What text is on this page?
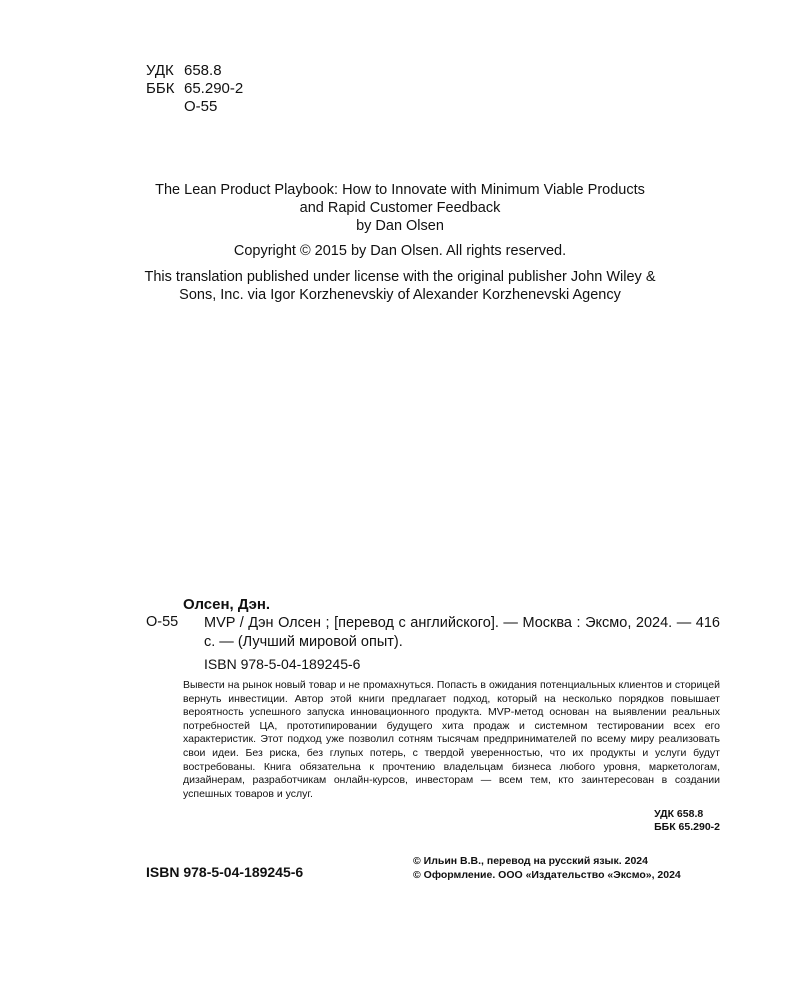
УДК 658.8
ББК 65.290-2
О-55
The Lean Product Playbook: How to Innovate with Minimum Viable Products
and Rapid Customer Feedback
by Dan Olsen
Copyright © 2015 by Dan Olsen. All rights reserved.
This translation published under license with the original publisher John Wiley &
Sons, Inc. via Igor Korzhenevskiy of Alexander Korzhenevski Agency
Олсен, Дэн.
О-55 MVP / Дэн Олсен ; [перевод с английского]. — Москва : Эксмо, 2024. — 416 с. — (Лучший мировой опыт).
ISBN 978-5-04-189245-6
Вывести на рынок новый товар и не промахнуться. Попасть в ожидания потенциальных клиентов и сторицей вернуть инвестиции. Автор этой книги предлагает подход, который на несколько порядков повышает вероятность успешного запуска инновационного продукта. MVP-метод основан на выявлении реальных потребностей ЦА, прототипировании будущего хита продаж и системном тестировании всех его характеристик. Этот подход уже позволил сотням тысячам предпринимателей по всему миру реализовать свои идеи. Без риска, без глупых потерь, с твердой уверенностью, что их продукты и услуги будут востребованы. Книга обязательна к прочтению владельцам бизнеса любого уровня, маркетологам, дизайнерам, разработчикам онлайн-курсов, инвесторам — всем тем, кто заинтересован в создании успешных товаров и услуг.
УДК 658.8
ББК 65.290-2
ISBN 978-5-04-189245-6
© Ильин В.В., перевод на русский язык. 2024
© Оформление. ООО «Издательство «Эксмо», 2024
